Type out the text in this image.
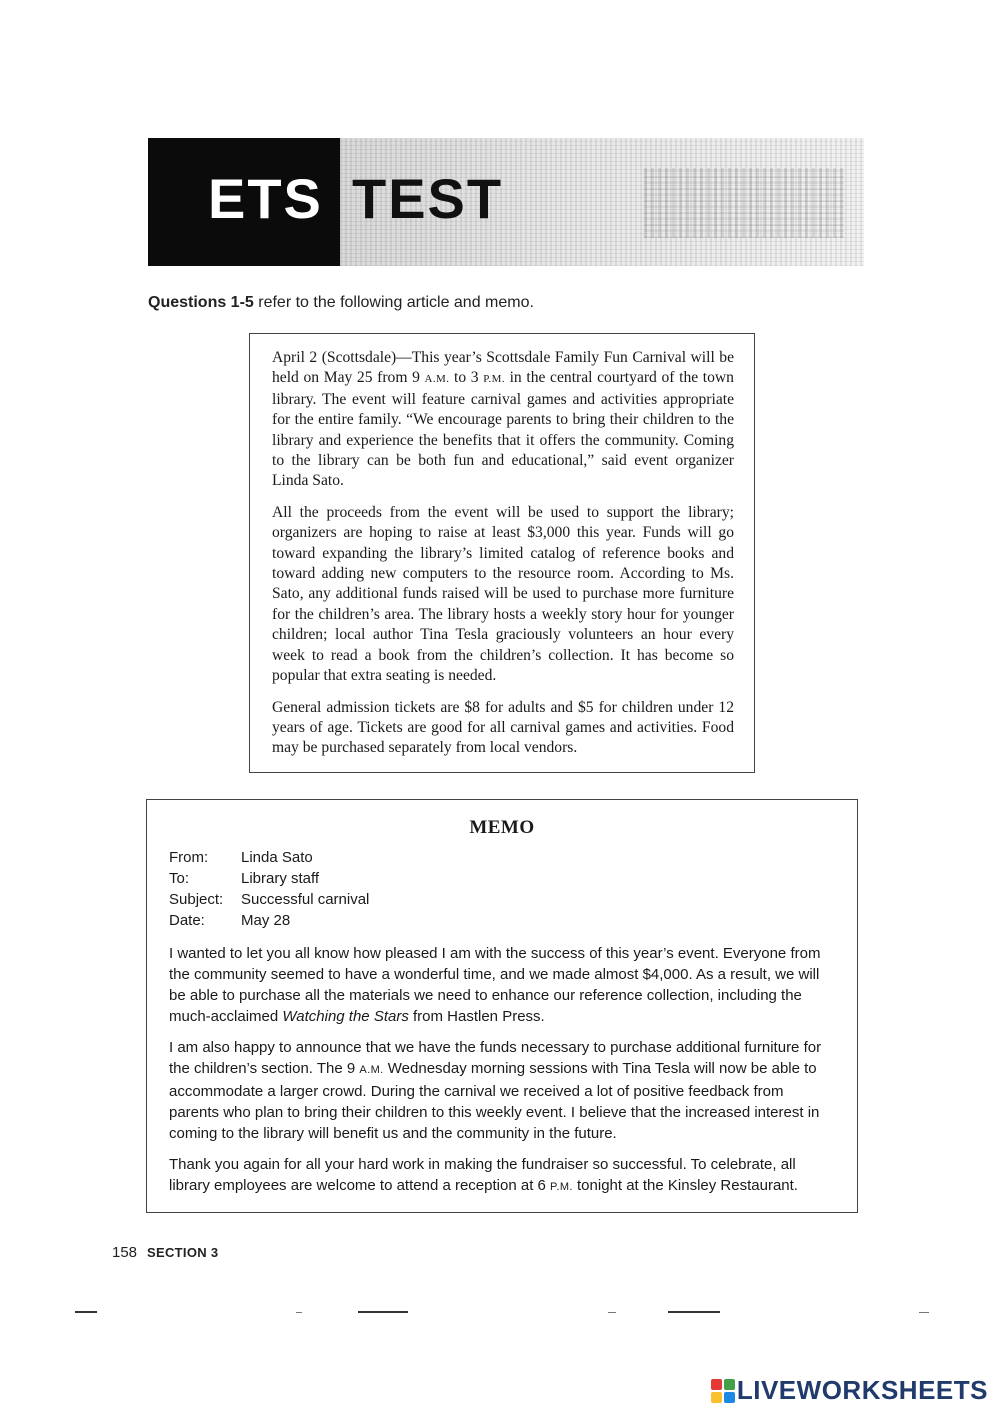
ETS TEST
Questions 1-5 refer to the following article and memo.

April 2 (Scottsdale)—This year’s Scottsdale Family Fun Carnival will be held on May 25 from 9 A.M. to 3 P.M. in the central courtyard of the town library. The event will feature carnival games and activities appropriate for the entire family. “We encourage parents to bring their children to the library and experience the benefits that it offers the community. Coming to the library can be both fun and educational,” said event organizer Linda Sato.

All the proceeds from the event will be used to support the library; organizers are hoping to raise at least $3,000 this year. Funds will go toward expanding the library’s limited catalog of reference books and toward adding new computers to the resource room. According to Ms. Sato, any additional funds raised will be used to purchase more furniture for the children’s area. The library hosts a weekly story hour for younger children; local author Tina Tesla graciously volunteers an hour every week to read a book from the children’s collection. It has become so popular that extra seating is needed.

General admission tickets are $8 for adults and $5 for children under 12 years of age. Tickets are good for all carnival games and activities. Food may be purchased separately from local vendors.

MEMO
From:	Linda Sato
To:	Library staff
Subject:	Successful carnival
Date:	May 28

I wanted to let you all know how pleased I am with the success of this year’s event. Everyone from the community seemed to have a wonderful time, and we made almost $4,000. As a result, we will be able to purchase all the materials we need to enhance our reference collection, including the much-acclaimed Watching the Stars from Hastlen Press.

I am also happy to announce that we have the funds necessary to purchase additional furniture for the children’s section. The 9 A.M. Wednesday morning sessions with Tina Tesla will now be able to accommodate a larger crowd. During the carnival we received a lot of positive feedback from parents who plan to bring their children to this weekly event. I believe that the increased interest in coming to the library will benefit us and the community in the future.

Thank you again for all your hard work in making the fundraiser so successful. To celebrate, all library employees are welcome to attend a reception at 6 P.M. tonight at the Kinsley Restaurant.

158 SECTION 3
LIVEWORKSHEETS
